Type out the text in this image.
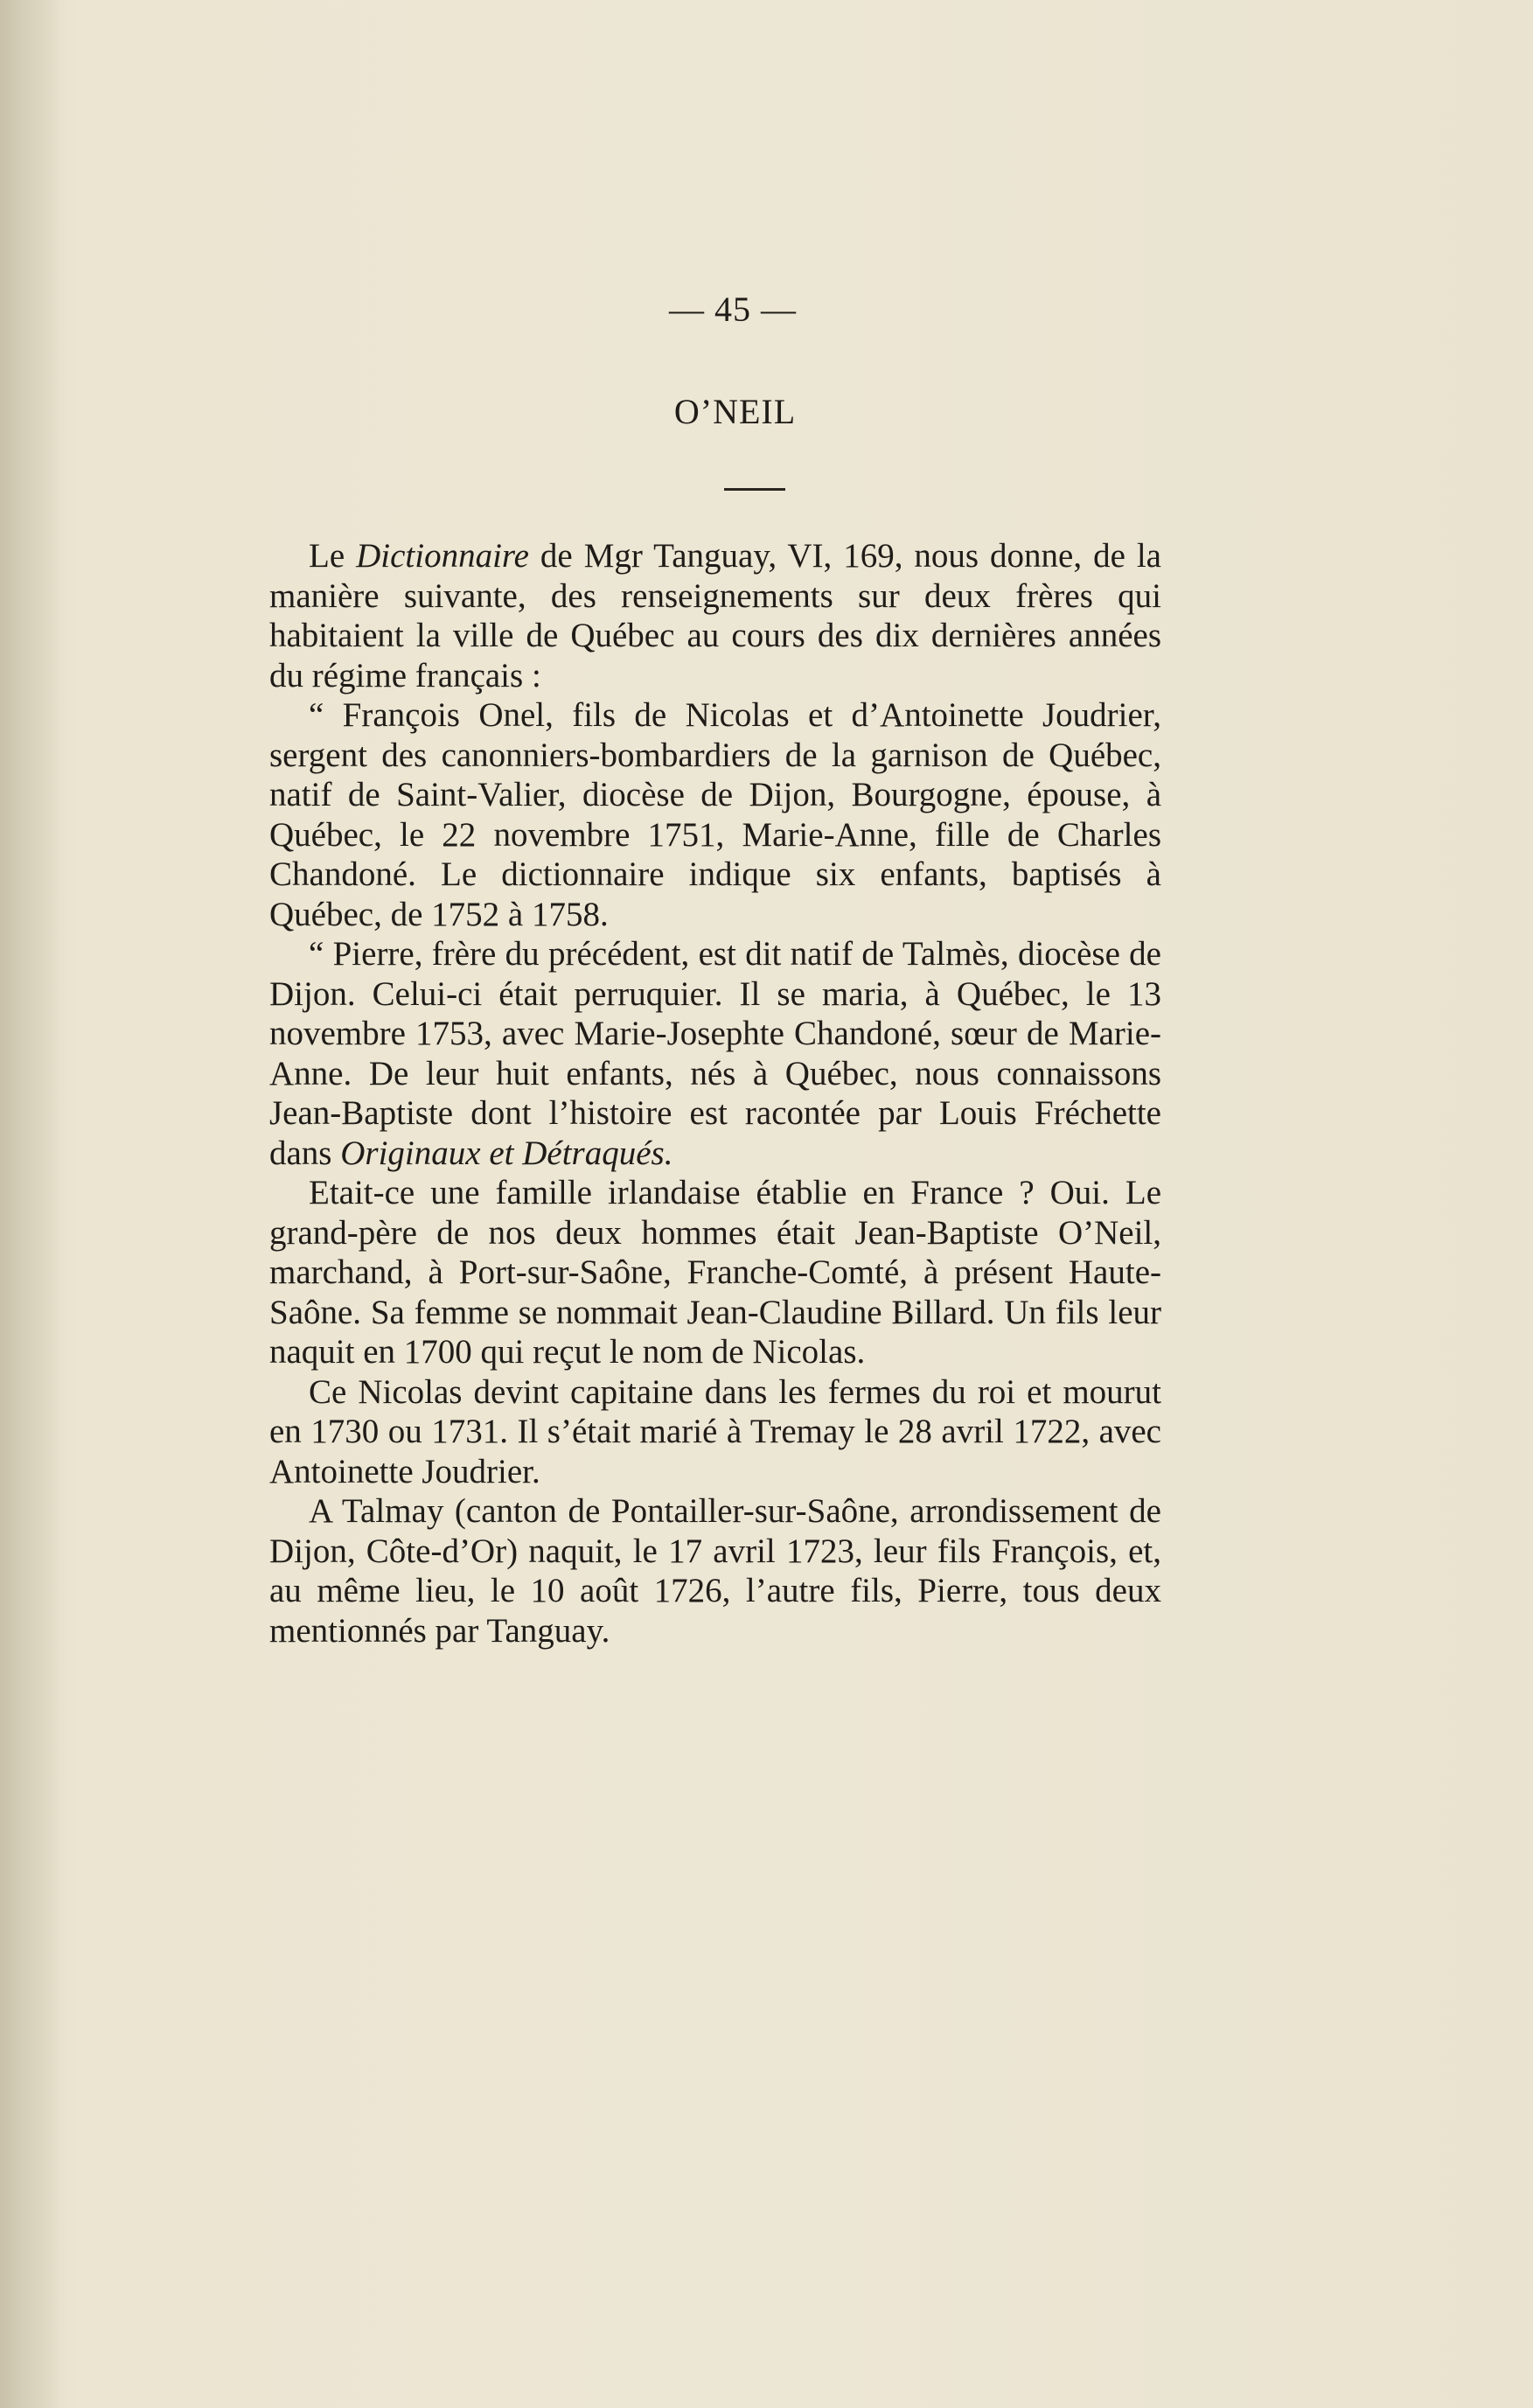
— 45 —
O’NEIL

Le Dictionnaire de Mgr Tanguay, VI, 169, nous donne, de la manière suivante, des renseignements sur deux frères qui habitaient la ville de Québec au cours des dix dernières années du régime français :

“ François Onel, fils de Nicolas et d’Antoinette Joudrier, sergent des canonniers-bombardiers de la garnison de Québec, natif de Saint-Valier, diocèse de Dijon, Bourgogne, épouse, à Québec, le 22 novembre 1751, Marie-Anne, fille de Charles Chandoné. Le dictionnaire indique six enfants, baptisés à Québec, de 1752 à 1758.

“ Pierre, frère du précédent, est dit natif de Talmès, diocèse de Dijon. Celui-ci était perruquier. Il se maria, à Québec, le 13 novembre 1753, avec Marie-Josephte Chandoné, sœur de Marie-Anne. De leur huit enfants, nés à Québec, nous connaissons Jean-Baptiste dont l’histoire est racontée par Louis Fréchette dans Originaux et Détraqués.

Etait-ce une famille irlandaise établie en France ? Oui. Le grand-père de nos deux hommes était Jean-Baptiste O’Neil, marchand, à Port-sur-Saône, Franche-Comté, à présent Haute-Saône. Sa femme se nommait Jean-Claudine Billard. Un fils leur naquit en 1700 qui reçut le nom de Nicolas.

Ce Nicolas devint capitaine dans les fermes du roi et mourut en 1730 ou 1731. Il s’était marié à Tremay le 28 avril 1722, avec Antoinette Joudrier.

A Talmay (canton de Pontailler-sur-Saône, arrondissement de Dijon, Côte-d’Or) naquit, le 17 avril 1723, leur fils François, et, au même lieu, le 10 août 1726, l’autre fils, Pierre, tous deux mentionnés par Tanguay.
